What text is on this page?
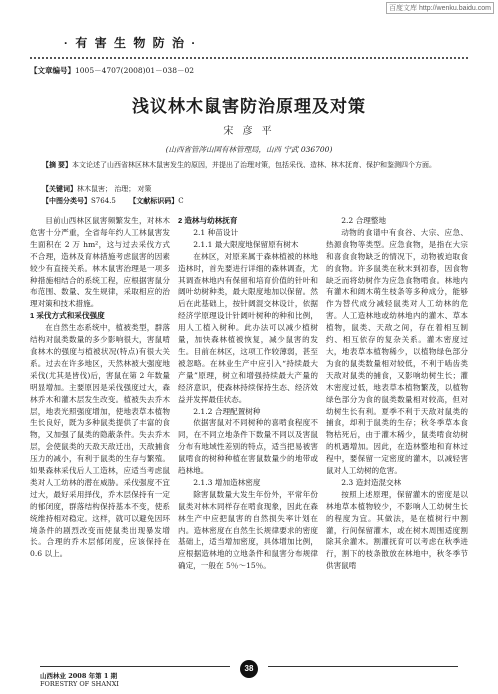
百度文库 http://wenku.baidu.com
· 有 害 生 物 防 治 ·
【文章编号】1005－4707(2008)01－038－02
浅议林木鼠害防治原理及对策
宋 彦 平
(山西省管涔山国有林管理局，山西 宁武 036700)
【摘 要】本文论述了山西省林区林木鼠害发生的原因，并提出了治理对策，包括采伐、造林、林木抚育、保护和鉴测四个方面。
【关键词】林木鼠害； 治理； 对策
【中图分类号】S764.5 【文献标识码】C

目前山西林区鼠害频繁发生，对林木危害十分严重，全省每年约人工林鼠害发生面积在 2 万 hm²，这与过去采伐方式不合理，造林及育林措施考虑鼠害的因素较少有直接关系。林木鼠害治理是一项多种措施相结合的系统工程，应根据害鼠分布范围、数量、发生规律，采取相应的治理对策和技术措施。

1 采伐方式和采伐强度

在自然生态系统中，植被类型，群落结构对鼠类数量的多少影响很大，害鼠啃食林木的强度与植被状况(特点)有很大关系。过去在许多地区，天然林被大强度地采伐(尤其是皆伐)后，害鼠在第 2 年数量明显增加。主要原因是采伐强度过大，森林乔木和灌木层发生改变。植被失去乔木层，地表光照强度增加，使地表草本植物生长良好，既为多种鼠类提供了丰富的食物，又加强了鼠类的隐蔽条件。失去乔木层，会使鼠类的天敌天敌迁出，天敌捕食压力的减小，有利于鼠类的生存与繁殖。如果森林采伐后人工造林，应适当考虑鼠类对人工幼林的潜在威胁。采伐强度不宜过大，最好采用择伐，乔木层保持有一定的郁闭度，群落结构保持基本不变，使系统维持相对稳定。这样，就可以避免因环境条件的剧烈改变而使鼠类出现暴发增长。合理的乔木层郁闭度，应该保持在 0.6 以上。

2 造林与幼林抚育

2.1 种苗设计

2.1.1 最大限度地保留原有树木

在林区，对原来属于森林植被的林地造林时，首先要进行详细的森林调查，尤其调查林地内有保留和培育价值的针叶和阔叶幼树种类，最大限度地加以保留。然后在此基础上，按针阔混交林设计，依据经济学原理设计针阔叶树种的种和比例，用人工植入树种。此办法可以减少植树量，加快森林植被恢复，减少鼠害的发生。目前在林区，这项工作较薄弱，甚至被忽略。在林业生产中应引入“持续最大产量”原理，树立和增强持续最大产量的经济意识，使森林持续保持生态、经济效益并发挥最佳状态。

2.1.2 合理配置树种

依据害鼠对不同树种的喜啃食程度不同，在不同立地条件下数量不同以及害鼠分布有地域性差别的特点，适当把易被害鼠啃食的树种种植在害鼠数量少的地带或趋林地。

2.1.3 增加造林密度

除害鼠数量大发生年份外，平常年份鼠类对林木同样存在啃食现象，因此在森林生产中应把鼠害的自然损失率计划在内。造林密度在自然生长规律要求的密度基础上，适当增加密度，具体增加比例，应根据造林地的立地条件和鼠害分布规律确定，一般在 5％～15％。

2.2 合理整地

动物的食谱中有食谷、大宗、应急、热源食物等类型。应急食物，是指在大宗和喜食食物缺乏的情况下，动物被迫取食的食物。许多鼠类在秋末到初春，因食物缺乏而将幼树作为应急食物啃食。林地内有灌木和阔木萌生枝条等多种成分，能够作为替代成分减轻鼠类对人工幼林的危害。人工造林地或幼林地内的灌木、草本植物，鼠类、天敌之间，存在着相互制约、相互依存的复杂关系。灌木密度过大，地表草本植物稀少，以植物绿色部分为食的鼠类数量相对较低，不利于啮齿类天敌对鼠类的捕食，又影响幼树生长；灌木密度过低，地表草本植物繁茂，以植物绿色部分为食的鼠类数量相对较高，但对幼树生长有利。夏季不利于天敌对鼠类的捕食，却利于鼠类的生存；秋冬季草本食物枯死后，由于灌木稀少，鼠类啃食幼树的机遇增加。因此，在造林整地和育林过程中，要保留一定密度的灌木，以减轻害鼠对人工幼树的危害。

2.3 造封造混交林

按照上述原理，保留灌木的密度是以林地草本植物较少，不影响人工幼树生长的程度为宜。其做法，是在植树行中割灌，行间保留灌木，或在树木周围适度割除其余灌木。割灌抚育可以考虑在秋季进行，割下的枝条散放在林地中，秋冬季节供害鼠啃

38
山西林业 2008 年第 1 期
FORESTRY OF SHANXI
